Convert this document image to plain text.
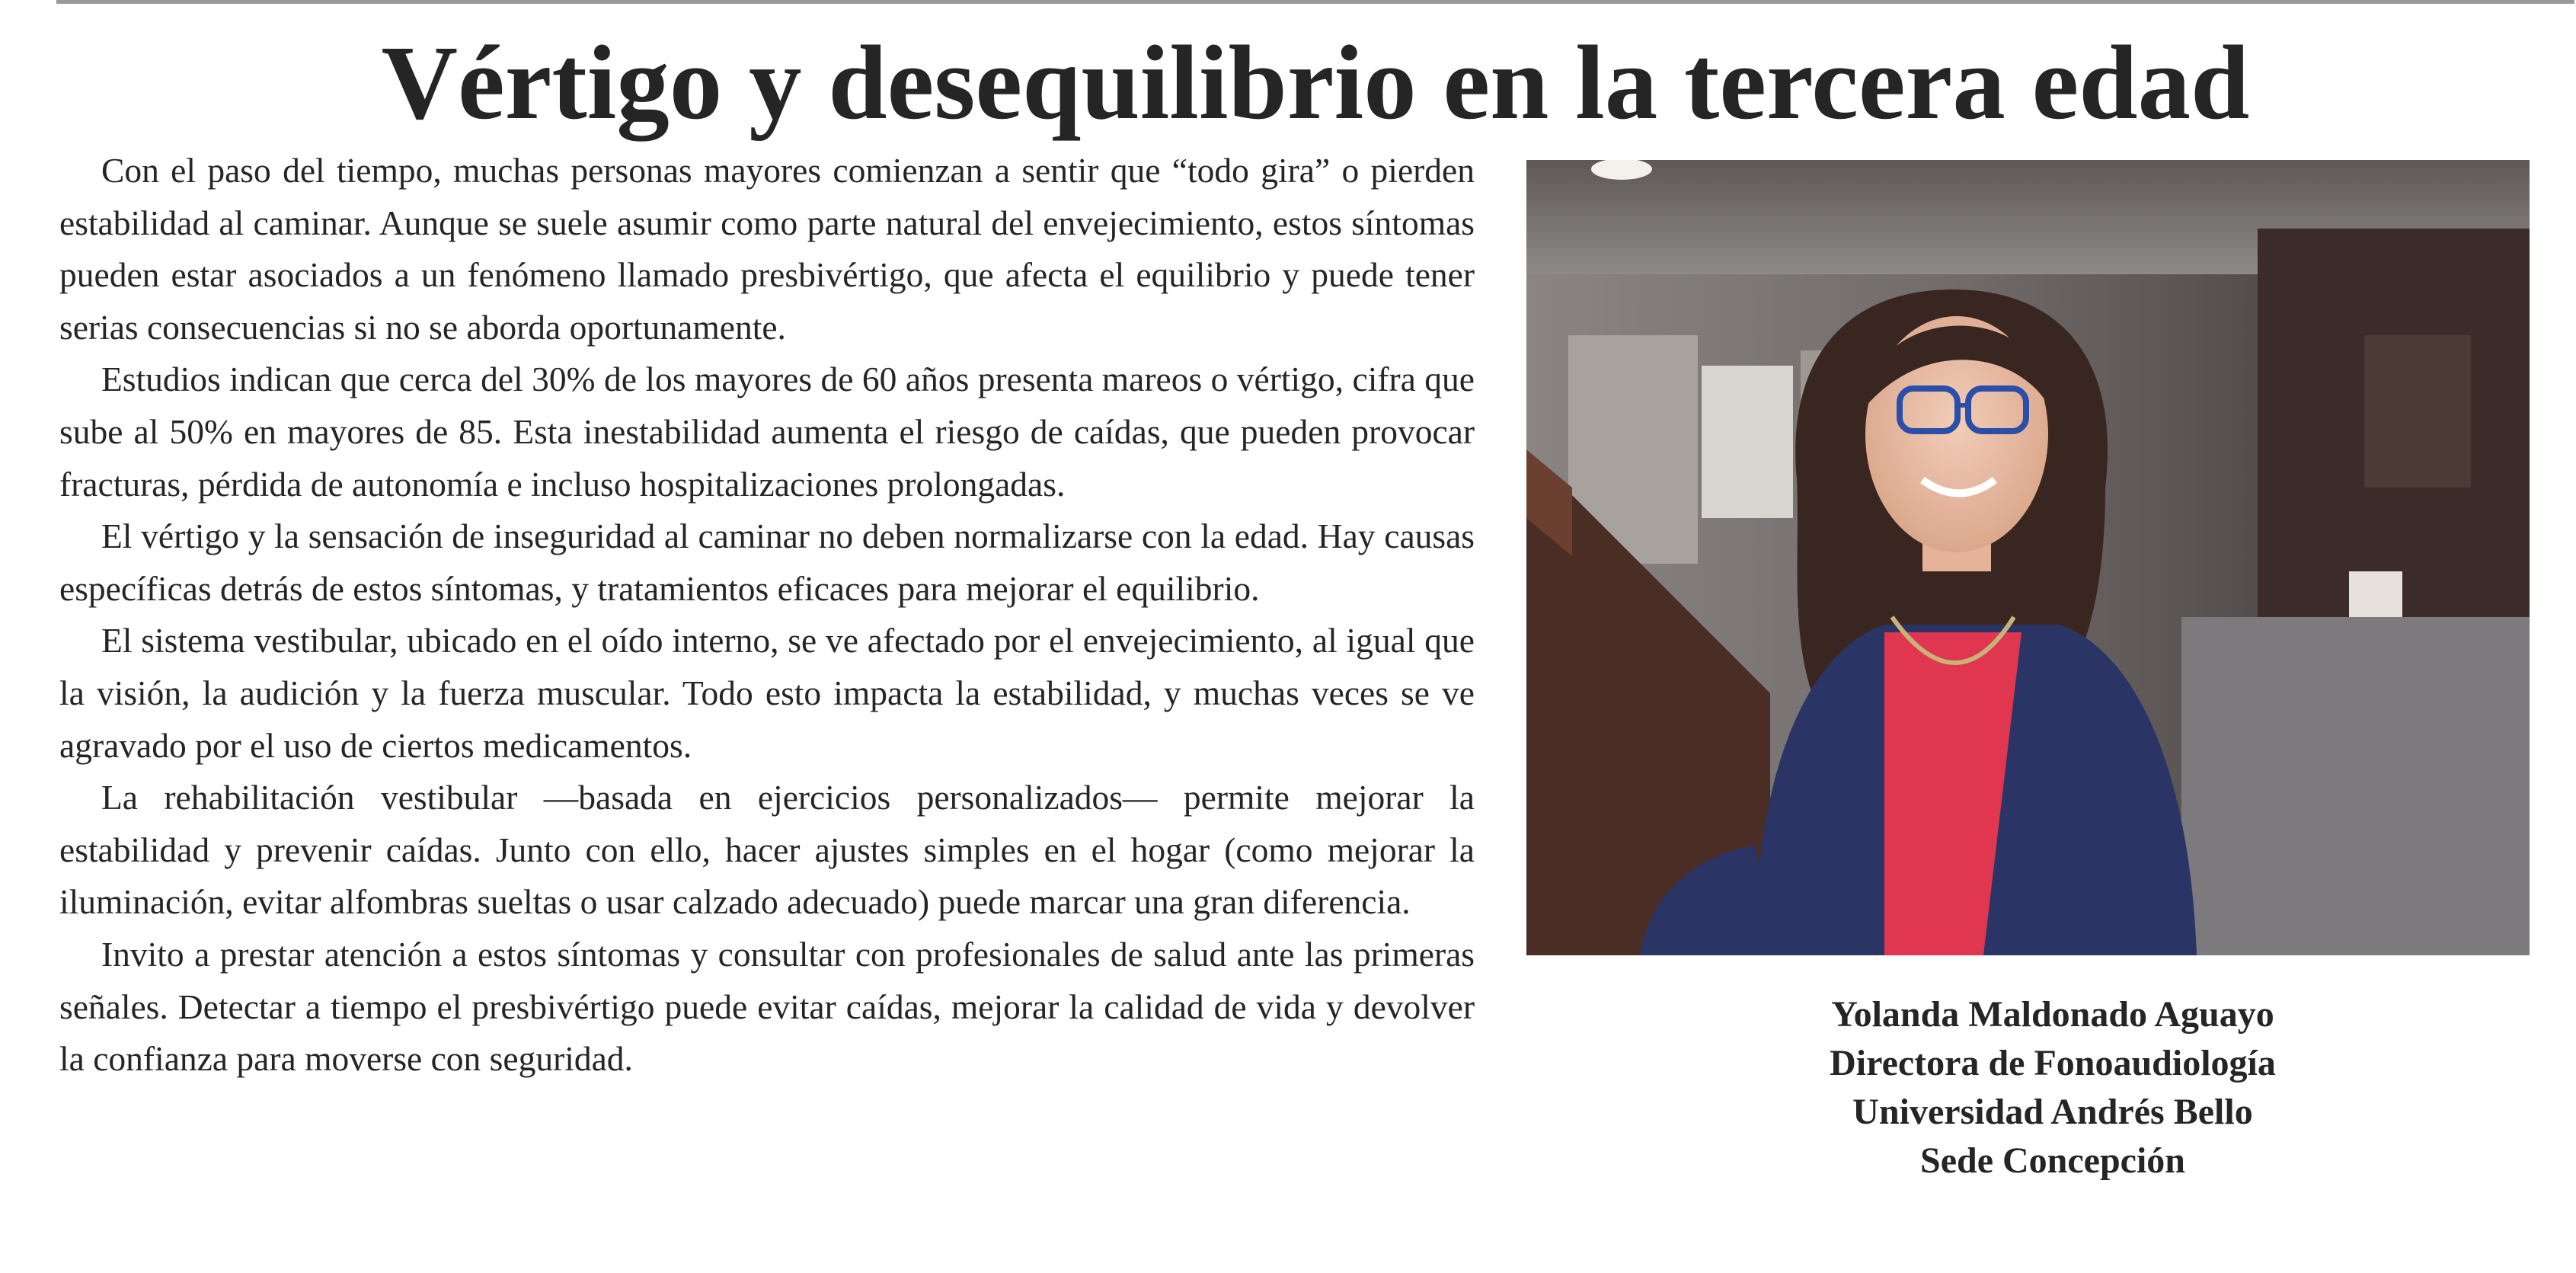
Vértigo y desequilibrio en la tercera edad

Con el paso del tiempo, muchas personas mayores comienzan a sentir que “todo gira” o pierden estabilidad al caminar. Aunque se suele asumir como parte natural del envejecimiento, estos síntomas pueden estar asociados a un fenómeno llamado presbivértigo, que afecta el equilibrio y puede tener serias consecuencias si no se aborda oportunamente.

Estudios indican que cerca del 30% de los mayores de 60 años presenta mareos o vértigo, cifra que sube al 50% en mayores de 85. Esta inestabilidad aumenta el riesgo de caídas, que pueden provocar fracturas, pérdida de autonomía e incluso hospitalizaciones prolongadas.

El vértigo y la sensación de inseguridad al caminar no deben normalizarse con la edad. Hay causas específicas detrás de estos síntomas, y tratamientos eficaces para mejorar el equilibrio.

El sistema vestibular, ubicado en el oído interno, se ve afectado por el envejecimiento, al igual que la visión, la audición y la fuerza muscular. Todo esto impacta la estabilidad, y muchas veces se ve agravado por el uso de ciertos medicamentos.

La rehabilitación vestibular —basada en ejercicios personalizados— permite mejorar la estabilidad y prevenir caídas. Junto con ello, hacer ajustes simples en el hogar (como mejorar la iluminación, evitar alfombras sueltas o usar calzado adecuado) puede marcar una gran diferencia.

Invito a prestar atención a estos síntomas y consultar con profesionales de salud ante las primeras señales. Detectar a tiempo el presbivértigo puede evitar caídas, mejorar la calidad de vida y devolver la confianza para moverse con seguridad.

Yolanda Maldonado Aguayo
Directora de Fonoaudiología
Universidad Andrés Bello
Sede Concepción
